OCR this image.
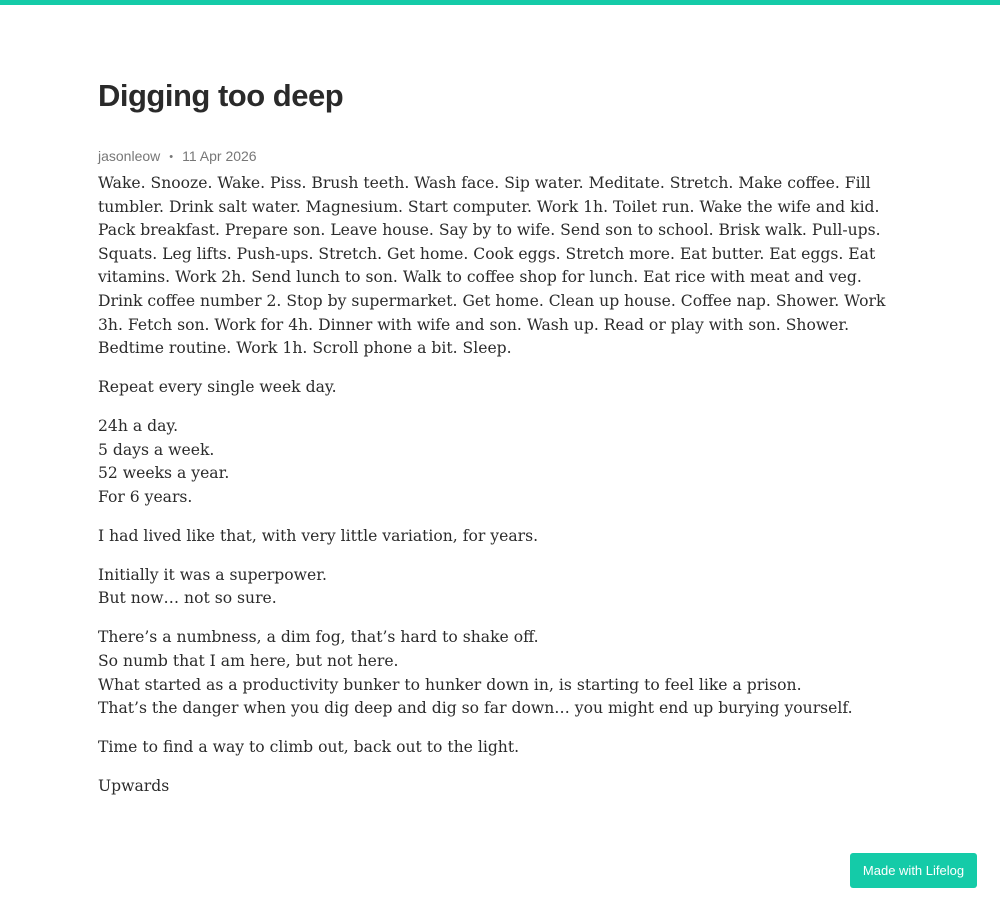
Digging too deep
jasonleow • 11 Apr 2026

Wake. Snooze. Wake. Piss. Brush teeth. Wash face. Sip water. Meditate. Stretch. Make coffee. Fill tumbler. Drink salt water. Magnesium. Start computer. Work 1h. Toilet run. Wake the wife and kid. Pack breakfast. Prepare son. Leave house. Say by to wife. Send son to school. Brisk walk. Pull-ups. Squats. Leg lifts. Push-ups. Stretch. Get home. Cook eggs. Stretch more. Eat butter. Eat eggs. Eat vitamins. Work 2h. Send lunch to son. Walk to coffee shop for lunch. Eat rice with meat and veg. Drink coffee number 2. Stop by supermarket. Get home. Clean up house. Coffee nap. Shower. Work 3h. Fetch son. Work for 4h. Dinner with wife and son. Wash up. Read or play with son. Shower. Bedtime routine. Work 1h. Scroll phone a bit. Sleep.

Repeat every single week day.

24h a day.
5 days a week.
52 weeks a year.
For 6 years.

I had lived like that, with very little variation, for years.

Initially it was a superpower.
But now… not so sure.

There’s a numbness, a dim fog, that’s hard to shake off.
So numb that I am here, but not here.
What started as a productivity bunker to hunker down in, is starting to feel like a prison.
That’s the danger when you dig deep and dig so far down… you might end up burying yourself.

Time to find a way to climb out, back out to the light.

Upwards

Made with Lifelog
